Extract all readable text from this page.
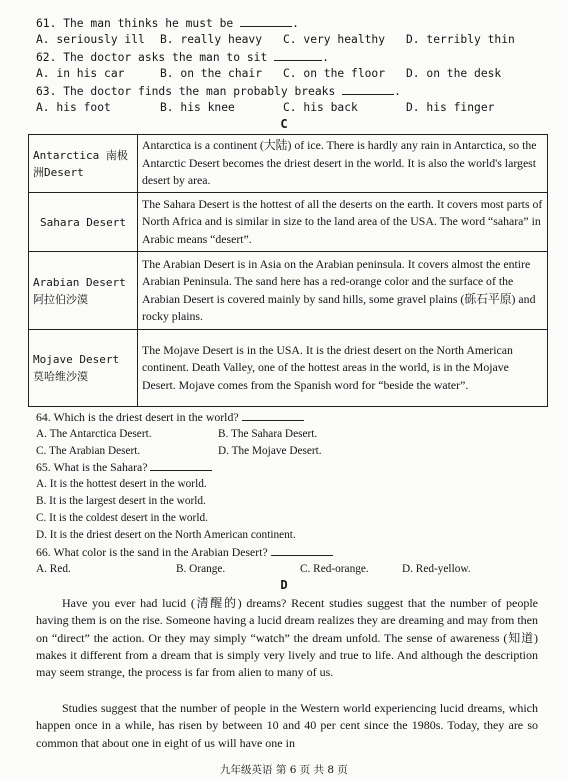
61. The man thinks he must be	.
A. seriously ill B. really heavy C. very healthy D. terribly thin
62. The doctor asks the man to sit	.
A. in his car	B. on the chair C. on the floor D. on the desk
63. The doctor finds the man probably breaks	.
A. his foot	B. his knee	C. his back	D. his finger
C
Antarctica 南极洲Desert	Antarctica is a continent (大陆) of ice. There is hardly any rain in Antarctica, so the Antarctic Desert becomes the driest desert in the world. It is also the world's largest desert by area.
Sahara Desert	The Sahara Desert is the hottest of all the deserts on the earth. It covers most parts of North Africa and is similar in size to the land area of the USA. The word “sahara” in Arabic means “desert”.
Arabian Desert 阿拉伯沙漠	The Arabian Desert is in Asia on the Arabian peninsula. It covers almost the entire Arabian Peninsula. The sand here has a red-orange color and the surface of the Arabian Desert is covered mainly by sand hills, some gravel plains (砾石平原) and rocky plains.
Mojave Desert 莫哈维沙漠	The Mojave Desert is in the USA. It is the driest desert on the North American continent. Death Valley, one of the hottest areas in the world, is in the Mojave Desert. Mojave comes from the Spanish word for “beside the water”.
64. Which is the driest desert in the world?
A. The Antarctica Desert.	B. The Sahara Desert.
C. The Arabian Desert.	D. The Mojave Desert.
65. What is the Sahara?
A. It is the hottest desert in the world.
B. It is the largest desert in the world.
C. It is the coldest desert in the world.
D. It is the driest desert on the North American continent.
66. What color is the sand in the Arabian Desert?
A. Red.	B. Orange.	C. Red-orange.	D. Red-yellow.
D
Have you ever had lucid (清醒的) dreams? Recent studies suggest that the number of people having them is on the rise. Someone having a lucid dream realizes they are dreaming and may from then on “direct” the action. Or they may simply “watch” the dream unfold. The sense of awareness (知道) makes it different from a dream that is simply very lively and true to life. And although the description may seem strange, the process is far from alien to many of us.
Studies suggest that the number of people in the Western world experiencing lucid dreams, which happen once in a while, has risen by between 10 and 40 per cent since the 1980s. Today, they are so common that about one in eight of us will have one in
九年级英语 第 6 页 共 8 页
